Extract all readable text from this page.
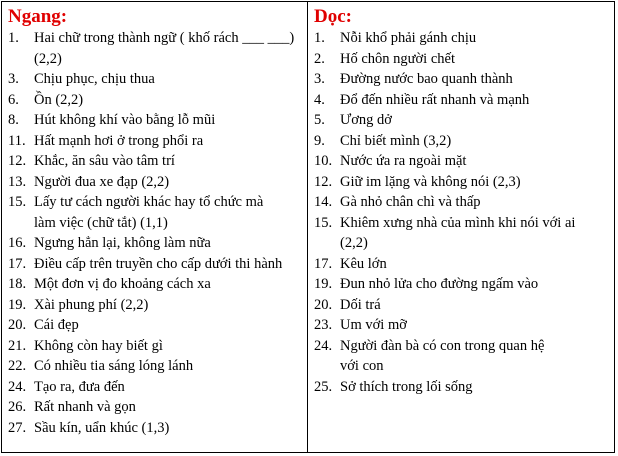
Ngang:
1.	Hai chữ trong thành ngữ ( khố rách ___ ___)
(2,2)
3.	Chịu phục, chịu thua
6.	Ồn (2,2)
8.	Hút không khí vào bằng lỗ mũi
11. Hất mạnh hơi ở trong phổi ra
12. Khắc, ăn sâu vào tâm trí
13. Người đua xe đạp (2,2)
15. Lấy tư cách người khác hay tổ chức mà
làm việc (chữ tắt) (1,1)
16. Ngưng hẳn lại, không làm nữa
17. Điều cấp trên truyền cho cấp dưới thi hành
18. Một đơn vị đo khoảng cách xa
19. Xài phung phí (2,2)
20. Cái đẹp
21. Không còn hay biết gì
22. Có nhiều tia sáng lóng lánh
24. Tạo ra, đưa đến
26. Rất nhanh và gọn
27. Sầu kín, uẩn khúc (1,3)
Dọc:
1.	Nỗi khổ phải gánh chịu
2.	Hố chôn người chết
3.	Đường nước bao quanh thành
4.	Đổ đến nhiều rất nhanh và mạnh
5.	Ương dở
9.	Chỉ biết mình (3,2)
10. Nước ứa ra ngoài mặt
12. Giữ im lặng và không nói (2,3)
14. Gà nhỏ chân chì và thấp
15. Khiêm xưng nhà của mình khi nói với ai
(2,2)
17. Kêu lớn
19. Đun nhỏ lửa cho đường ngấm vào
20. Dối trá
23. Um với mỡ
24. Người đàn bà có con trong quan hệ
với con
25. Sở thích trong lối sống
